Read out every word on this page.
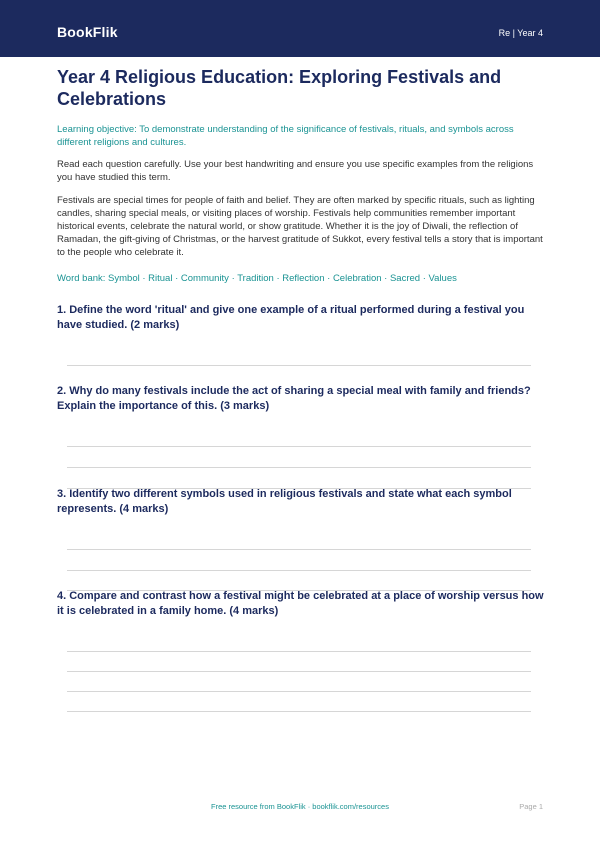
BookFlik	Re | Year 4
Year 4 Religious Education: Exploring Festivals and Celebrations
Learning objective: To demonstrate understanding of the significance of festivals, rituals, and symbols across different religions and cultures.
Read each question carefully. Use your best handwriting and ensure you use specific examples from the religions you have studied this term.
Festivals are special times for people of faith and belief. They are often marked by specific rituals, such as lighting candles, sharing special meals, or visiting places of worship. Festivals help communities remember important historical events, celebrate the natural world, or show gratitude. Whether it is the joy of Diwali, the reflection of Ramadan, the gift-giving of Christmas, or the harvest gratitude of Sukkot, every festival tells a story that is important to the people who celebrate it.
Word bank: Symbol · Ritual · Community · Tradition · Reflection · Celebration · Sacred · Values
1. Define the word 'ritual' and give one example of a ritual performed during a festival you have studied. (2 marks)
2. Why do many festivals include the act of sharing a special meal with family and friends? Explain the importance of this. (3 marks)
3. Identify two different symbols used in religious festivals and state what each symbol represents. (4 marks)
4. Compare and contrast how a festival might be celebrated at a place of worship versus how it is celebrated in a family home. (4 marks)
Free resource from BookFlik · bookflik.com/resources	Page 1
